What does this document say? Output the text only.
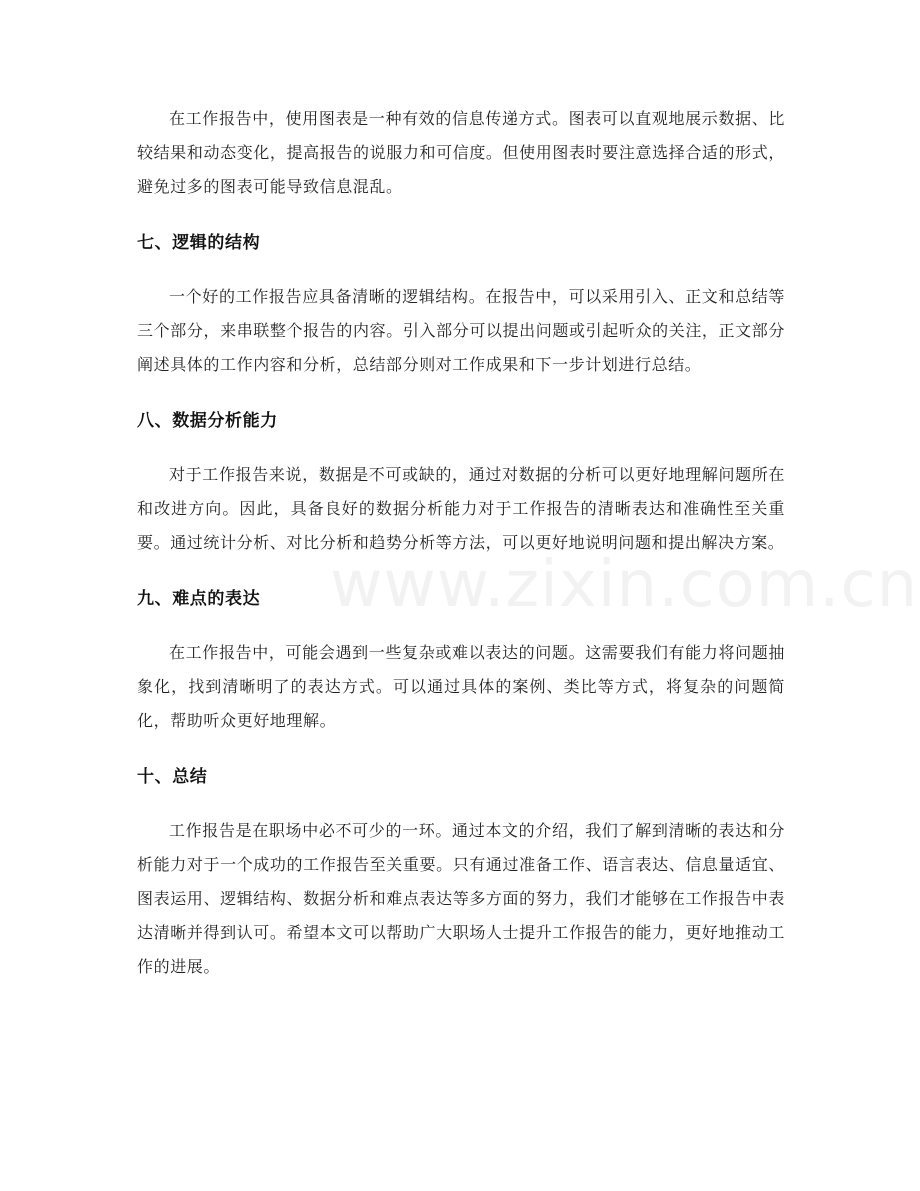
www.zixin.com.cn

在工作报告中，使用图表是一种有效的信息传递方式。图表可以直观地展示数据、比较结果和动态变化，提高报告的说服力和可信度。但使用图表时要注意选择合适的形式，避免过多的图表可能导致信息混乱。

七、逻辑的结构

一个好的工作报告应具备清晰的逻辑结构。在报告中，可以采用引入、正文和总结等三个部分，来串联整个报告的内容。引入部分可以提出问题或引起听众的关注，正文部分阐述具体的工作内容和分析，总结部分则对工作成果和下一步计划进行总结。

八、数据分析能力

对于工作报告来说，数据是不可或缺的，通过对数据的分析可以更好地理解问题所在和改进方向。因此，具备良好的数据分析能力对于工作报告的清晰表达和准确性至关重要。通过统计分析、对比分析和趋势分析等方法，可以更好地说明问题和提出解决方案。

九、难点的表达

在工作报告中，可能会遇到一些复杂或难以表达的问题。这需要我们有能力将问题抽象化，找到清晰明了的表达方式。可以通过具体的案例、类比等方式，将复杂的问题简化，帮助听众更好地理解。

十、总结

工作报告是在职场中必不可少的一环。通过本文的介绍，我们了解到清晰的表达和分析能力对于一个成功的工作报告至关重要。只有通过准备工作、语言表达、信息量适宜、图表运用、逻辑结构、数据分析和难点表达等多方面的努力，我们才能够在工作报告中表达清晰并得到认可。希望本文可以帮助广大职场人士提升工作报告的能力，更好地推动工作的进展。
